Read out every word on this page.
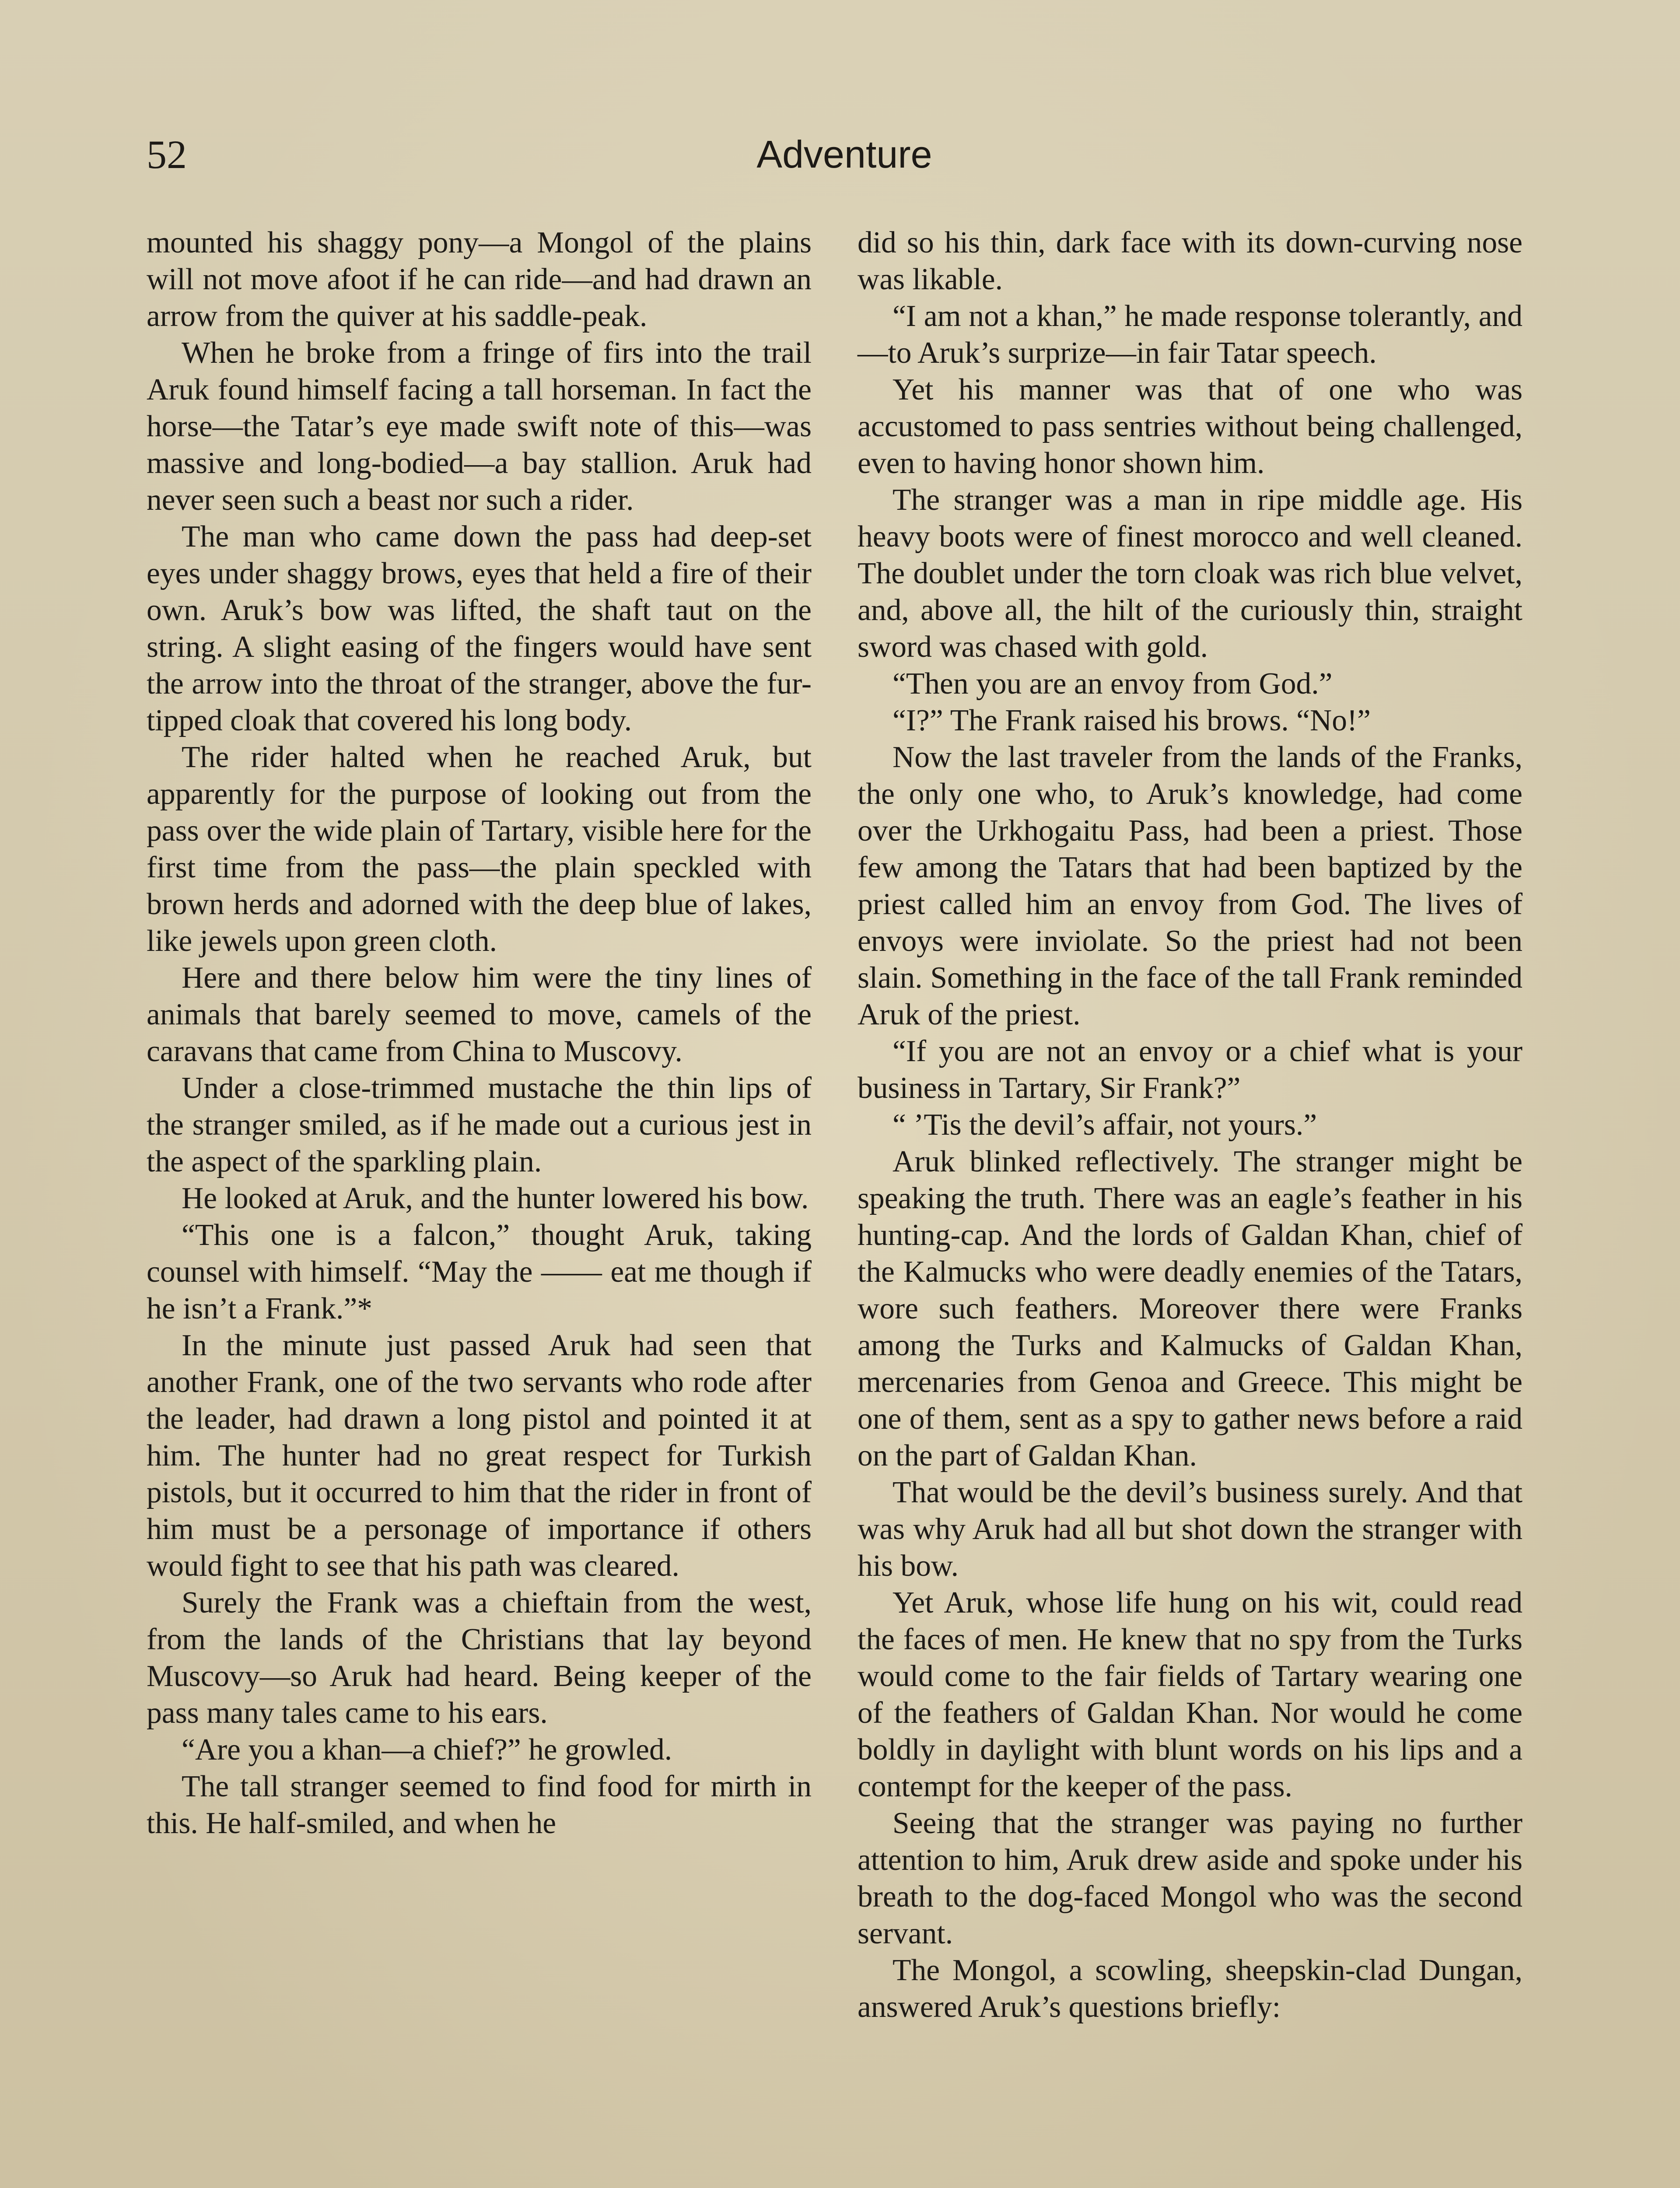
52	Adventure

mounted his shaggy pony—a Mongol of the plains will not move afoot if he can ride—and had drawn an arrow from the quiver at his saddle-peak.

When he broke from a fringe of firs into the trail Aruk found himself facing a tall horseman. In fact the horse—the Tatar’s eye made swift note of this—was massive and long-bodied—a bay stallion. Aruk had never seen such a beast nor such a rider.

The man who came down the pass had deep-set eyes under shaggy brows, eyes that held a fire of their own. Aruk’s bow was lifted, the shaft taut on the string. A slight easing of the fingers would have sent the arrow into the throat of the stranger, above the fur-tipped cloak that covered his long body.

The rider halted when he reached Aruk, but apparently for the purpose of looking out from the pass over the wide plain of Tartary, visible here for the first time from the pass—the plain speckled with brown herds and adorned with the deep blue of lakes, like jewels upon green cloth.

Here and there below him were the tiny lines of animals that barely seemed to move, camels of the caravans that came from China to Muscovy.

Under a close-trimmed mustache the thin lips of the stranger smiled, as if he made out a curious jest in the aspect of the sparkling plain.

He looked at Aruk, and the hunter lowered his bow.

“This one is a falcon,” thought Aruk, taking counsel with himself. “May the —— eat me though if he isn’t a Frank.”*

In the minute just passed Aruk had seen that another Frank, one of the two servants who rode after the leader, had drawn a long pistol and pointed it at him. The hunter had no great respect for Turkish pistols, but it occurred to him that the rider in front of him must be a personage of importance if others would fight to see that his path was cleared.

Surely the Frank was a chieftain from the west, from the lands of the Christians that lay beyond Muscovy—so Aruk had heard. Being keeper of the pass many tales came to his ears.

“Are you a khan—a chief?” he growled.

The tall stranger seemed to find food for mirth in this. He half-smiled, and when he

did so his thin, dark face with its down-curving nose was likable.

“I am not a khan,” he made response tolerantly, and—to Aruk’s surprize—in fair Tatar speech.

Yet his manner was that of one who was accustomed to pass sentries without being challenged, even to having honor shown him.

The stranger was a man in ripe middle age. His heavy boots were of finest morocco and well cleaned. The doublet under the torn cloak was rich blue velvet, and, above all, the hilt of the curiously thin, straight sword was chased with gold.

“Then you are an envoy from God.”

“I?” The Frank raised his brows. “No!”

Now the last traveler from the lands of the Franks, the only one who, to Aruk’s knowledge, had come over the Urkhogaitu Pass, had been a priest. Those few among the Tatars that had been baptized by the priest called him an envoy from God. The lives of envoys were inviolate. So the priest had not been slain. Something in the face of the tall Frank reminded Aruk of the priest.

“If you are not an envoy or a chief what is your business in Tartary, Sir Frank?”

“ ’Tis the devil’s affair, not yours.”

Aruk blinked reflectively. The stranger might be speaking the truth. There was an eagle’s feather in his hunting-cap. And the lords of Galdan Khan, chief of the Kalmucks who were deadly enemies of the Tatars, wore such feathers. Moreover there were Franks among the Turks and Kalmucks of Galdan Khan, mercenaries from Genoa and Greece. This might be one of them, sent as a spy to gather news before a raid on the part of Galdan Khan.

That would be the devil’s business surely. And that was why Aruk had all but shot down the stranger with his bow.

Yet Aruk, whose life hung on his wit, could read the faces of men. He knew that no spy from the Turks would come to the fair fields of Tartary wearing one of the feathers of Galdan Khan. Nor would he come boldly in daylight with blunt words on his lips and a contempt for the keeper of the pass.

Seeing that the stranger was paying no further attention to him, Aruk drew aside and spoke under his breath to the dog-faced Mongol who was the second servant.

The Mongol, a scowling, sheepskin-clad Dungan, answered Aruk’s questions briefly:
